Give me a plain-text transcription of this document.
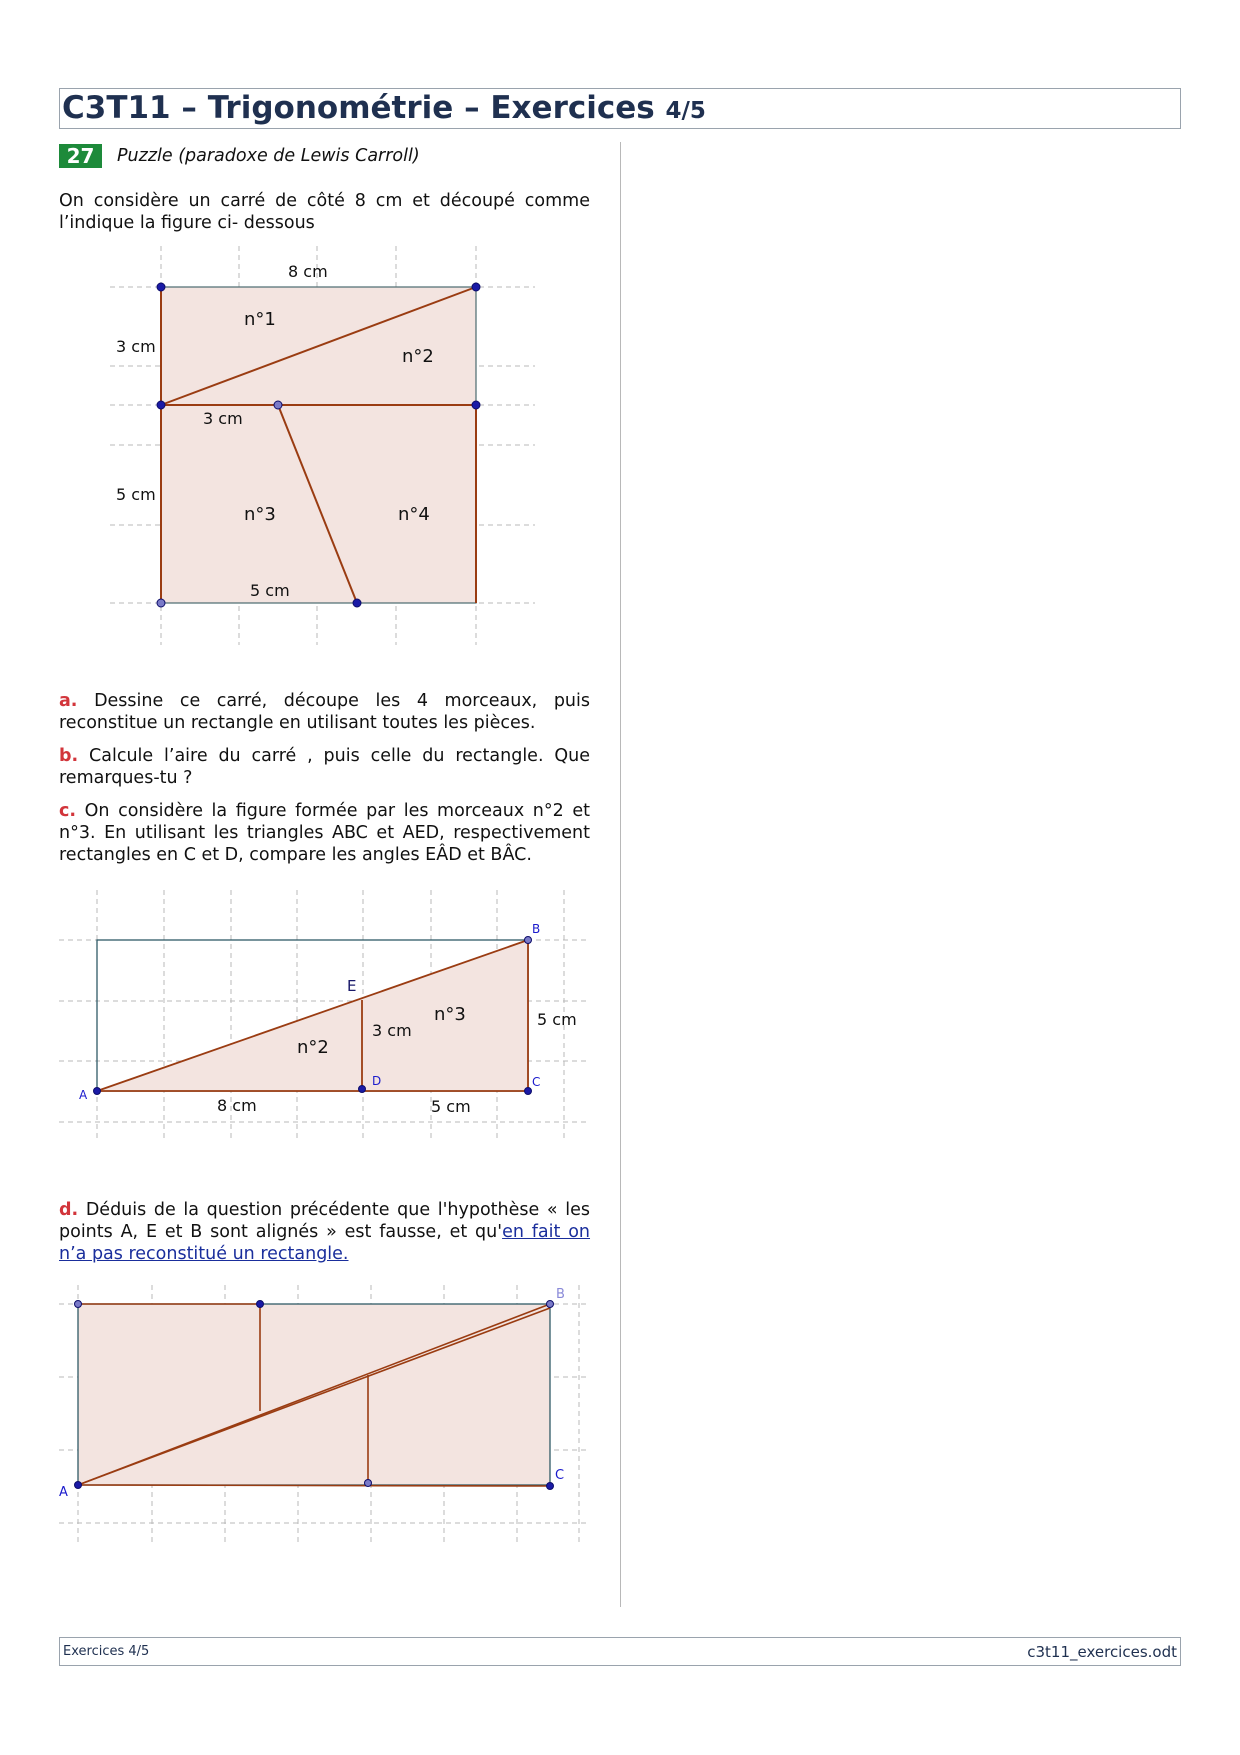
C3T11 – Trigonométrie – Exercices 4/5
27	Puzzle (paradoxe de Lewis Carroll)
On considère un carré de côté 8 cm et découpé comme l’indique la figure ci- dessous
8 cm
3 cm
5 cm
3 cm
5 cm
n°1
n°2
n°3	n°4
a. Dessine ce carré, découpe les 4 morceaux, puis reconstitue un rectangle en utilisant toutes les pièces.
b. Calcule l’aire du carré , puis celle du rectangle. Que remarques-tu ?
c. On considère la figure formée par les morceaux n°2 et n°3. En utilisant les triangles ABC et AED, respectivement rectangles en C et D, compare les angles EÂD et BÂC.
A
B
C
D
E
3 cm
5 cm
8 cm	5 cm
n°2
n°3
d. Déduis de la question précédente que l'hypothèse « les points A, E et B sont alignés » est fausse, et qu'en fait on n’a pas reconstitué un rectangle.
A
B
C
Exercices 4/5	c3t11_exercices.odt
